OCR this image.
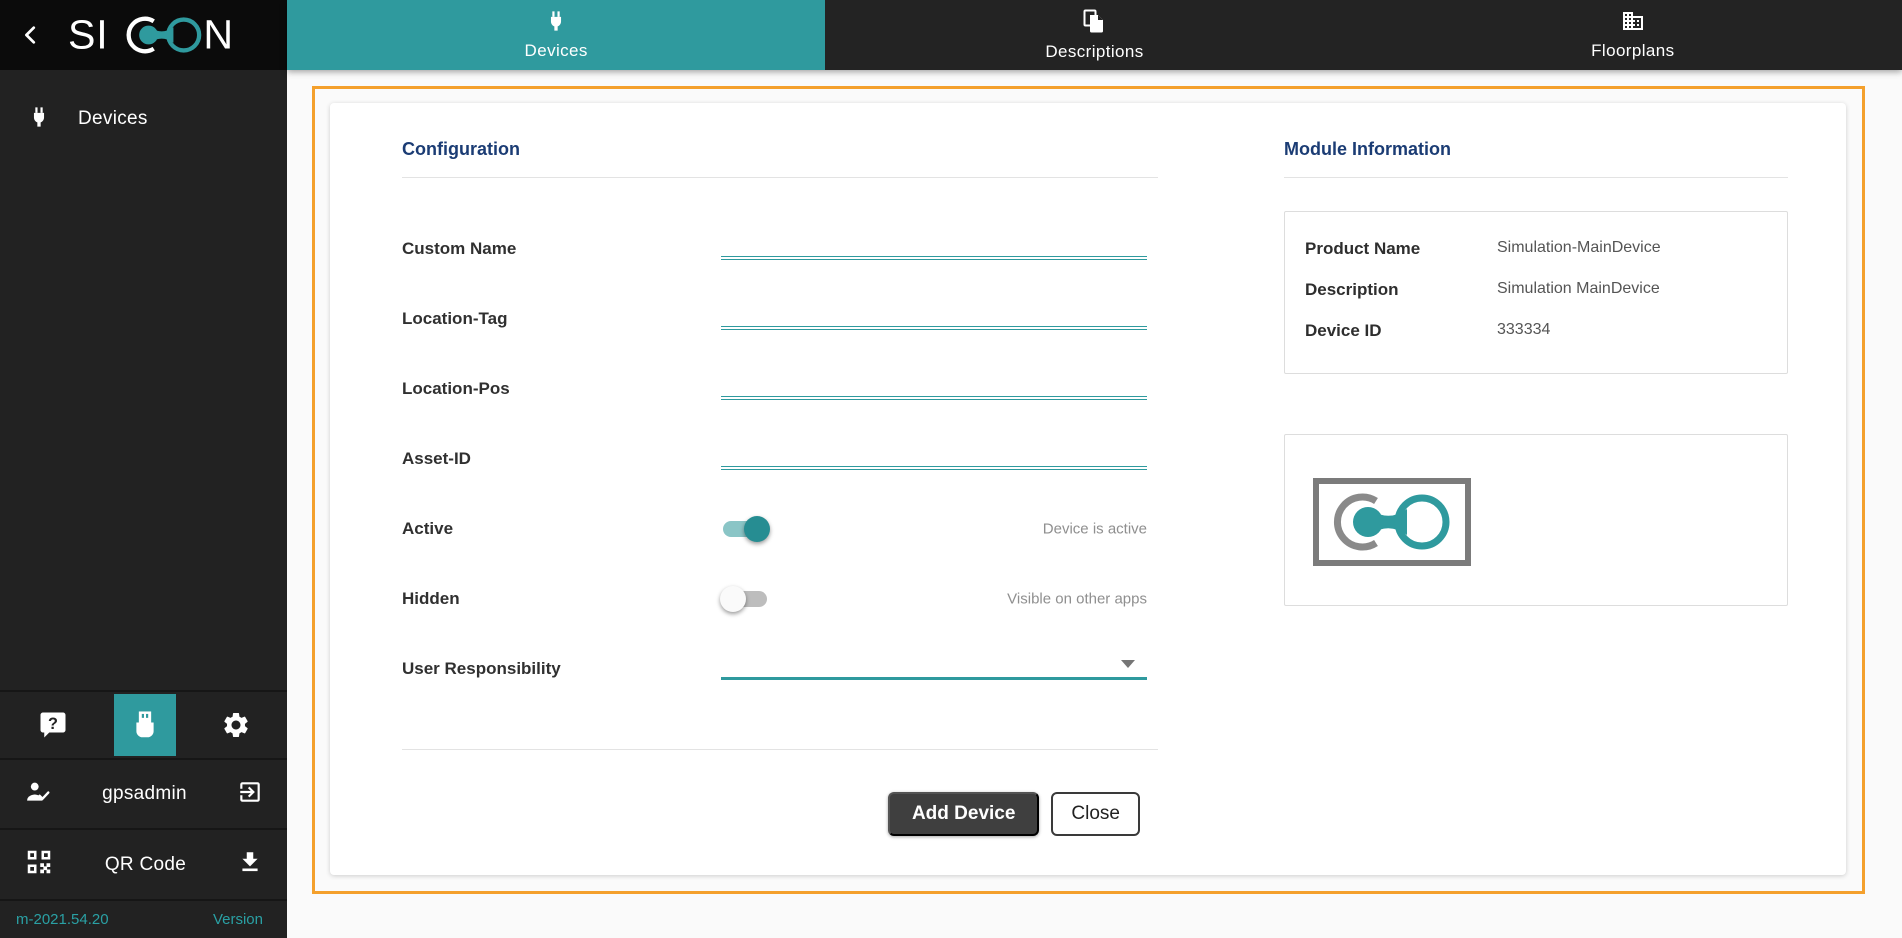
SI N
Devices
?
gpsadmin
QR Code
m-2021.54.20	Version
Devices	Descriptions	Floorplans
Configuration
Custom Name
Location-Tag
Location-Pos
Asset-ID
Active	Device is active
Hidden	Visible on other apps
User Responsibility
Add Device	Close
Module Information
Product Name	Simulation-MainDevice
Description	Simulation MainDevice
Device ID	333334
